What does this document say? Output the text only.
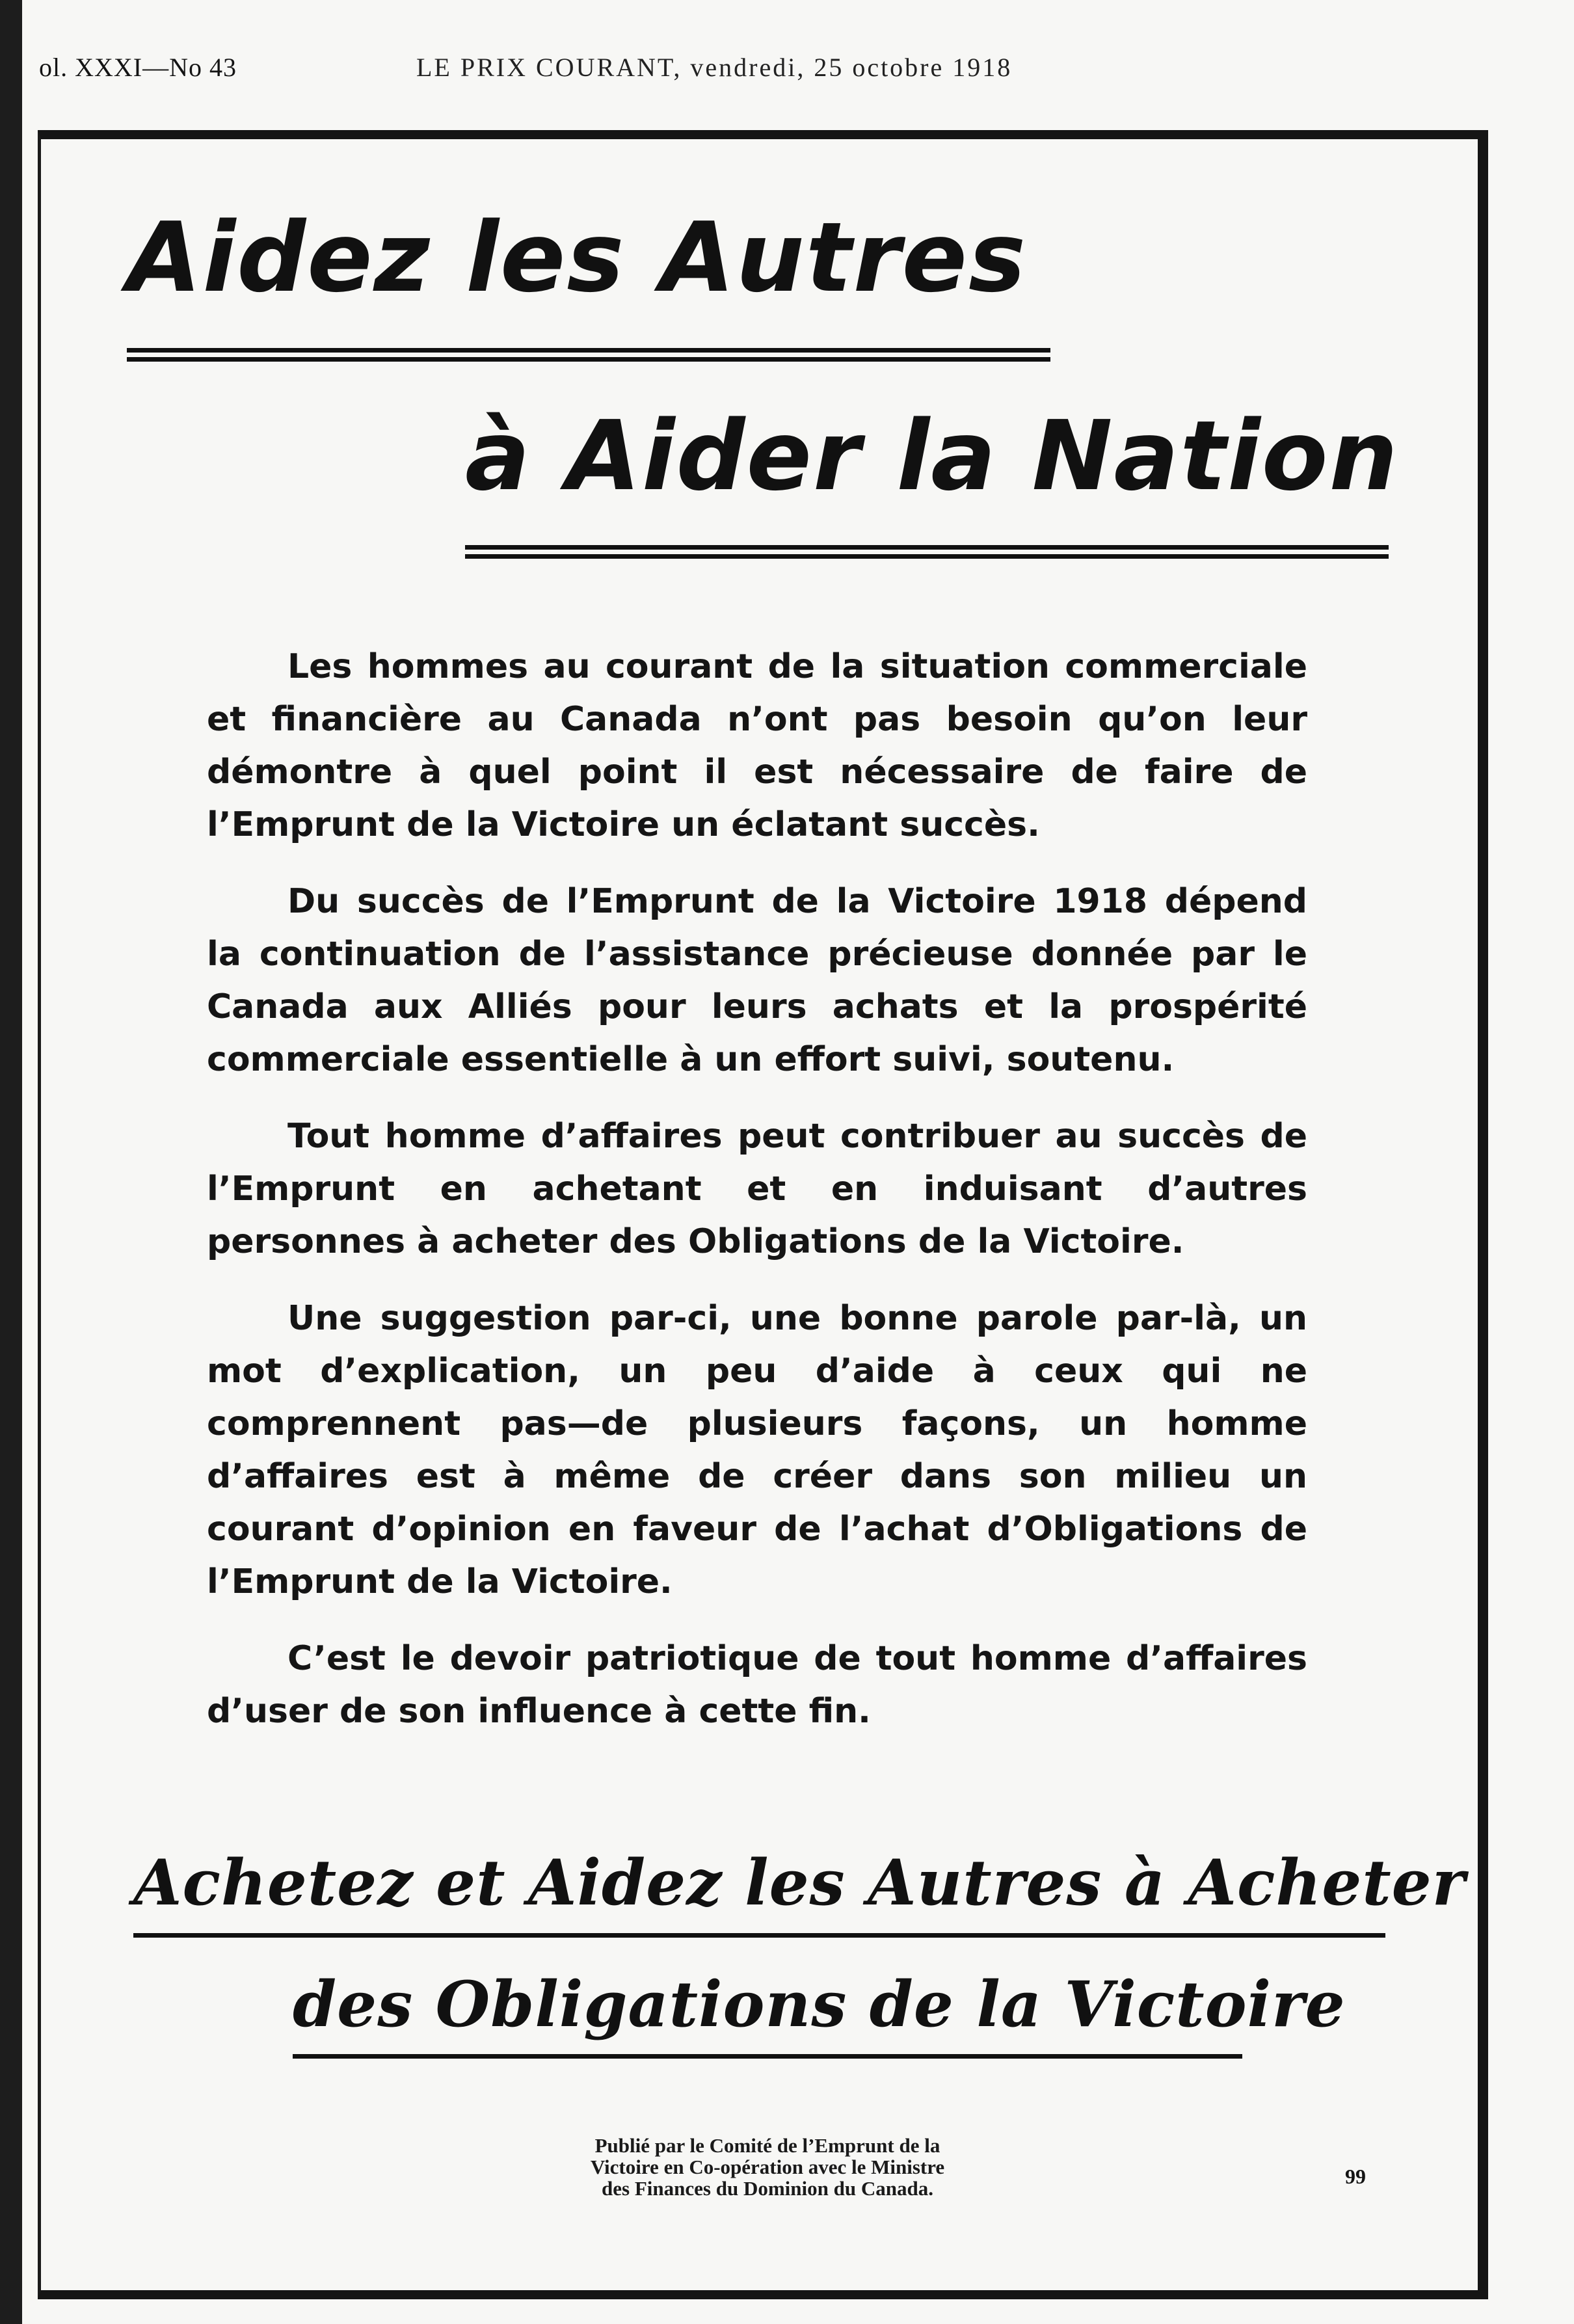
ol. XXXI—No 43	LE PRIX COURANT, vendredi, 25 octobre 1918
Aidez les Autres
à Aider la Nation

Les hommes au courant de la situation commerciale et financière au Canada n’ont pas besoin qu’on leur démontre à quel point il est nécessaire de faire de l’Emprunt de la Victoire un éclatant succès.

Du succès de l’Emprunt de la Victoire 1918 dépend la continuation de l’assistance précieuse donnée par le Canada aux Alliés pour leurs achats et la prospérité commerciale essentielle à un effort suivi, soutenu.

Tout homme d’affaires peut contribuer au succès de l’Emprunt en achetant et en induisant d’autres personnes à acheter des Obligations de la Victoire.

Une suggestion par-ci, une bonne parole par-là, un mot d’explication, un peu d’aide à ceux qui ne comprennent pas—de plusieurs façons, un homme d’affaires est à même de créer dans son milieu un courant d’opinion en faveur de l’achat d’Obligations de l’Emprunt de la Victoire.

C’est le devoir patriotique de tout homme d’affaires d’user de son influence à cette fin.

Achetez et Aidez les Autres à Acheter
des Obligations de la Victoire
Publié par le Comité de l’Emprunt de la
Victoire en Co-opération avec le Ministre
des Finances du Dominion du Canada.
99
